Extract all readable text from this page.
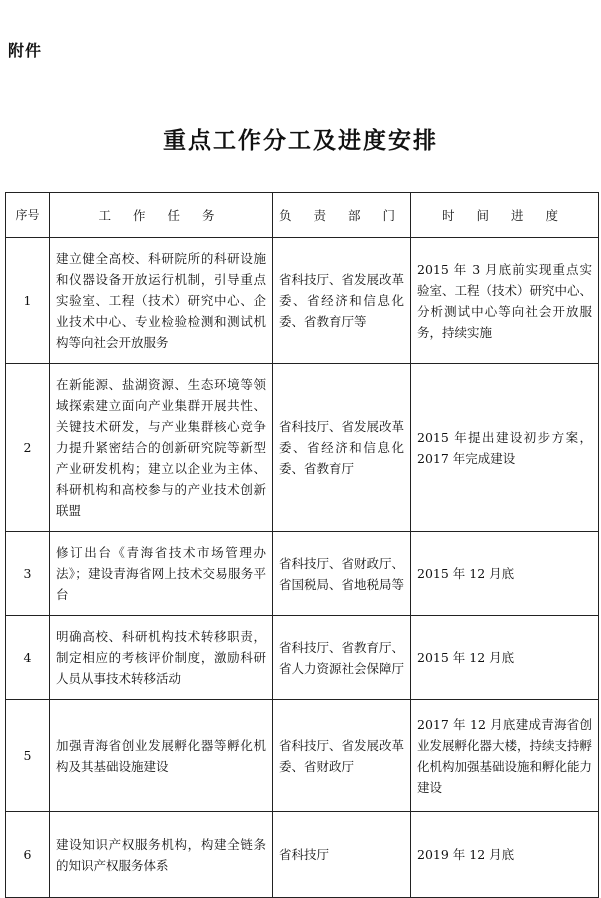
附件
重点工作分工及进度安排
序号	工 作 任 务	负 责 部 门	时 间 进 度
1	建立健全高校、科研院所的科研设施和仪器设备开放运行机制，引导重点实验室、工程（技术）研究中心、企业技术中心、专业检验检测和测试机构等向社会开放服务	省科技厅、省发展改革委、省经济和信息化委、省教育厅等	2015 年 3 月底前实现重点实验室、工程（技术）研究中心、分析测试中心等向社会开放服务，持续实施
2	在新能源、盐湖资源、生态环境等领域探索建立面向产业集群开展共性、关键技术研发，与产业集群核心竞争力提升紧密结合的创新研究院等新型产业研发机构；建立以企业为主体、科研机构和高校参与的产业技术创新联盟	省科技厅、省发展改革委、省经济和信息化委、省教育厅	2015 年提出建设初步方案，2017 年完成建设
3	修订出台《青海省技术市场管理办法》；建设青海省网上技术交易服务平台	省科技厅、省财政厅、省国税局、省地税局等	2015 年 12 月底
4	明确高校、科研机构技术转移职责，制定相应的考核评价制度，激励科研人员从事技术转移活动	省科技厅、省教育厅、省人力资源社会保障厅	2015 年 12 月底
5	加强青海省创业发展孵化器等孵化机构及其基础设施建设	省科技厅、省发展改革委、省财政厅	2017 年 12 月底建成青海省创业发展孵化器大楼，持续支持孵化机构加强基础设施和孵化能力建设
6	建设知识产权服务机构，构建全链条的知识产权服务体系	省科技厅	2019 年 12 月底
